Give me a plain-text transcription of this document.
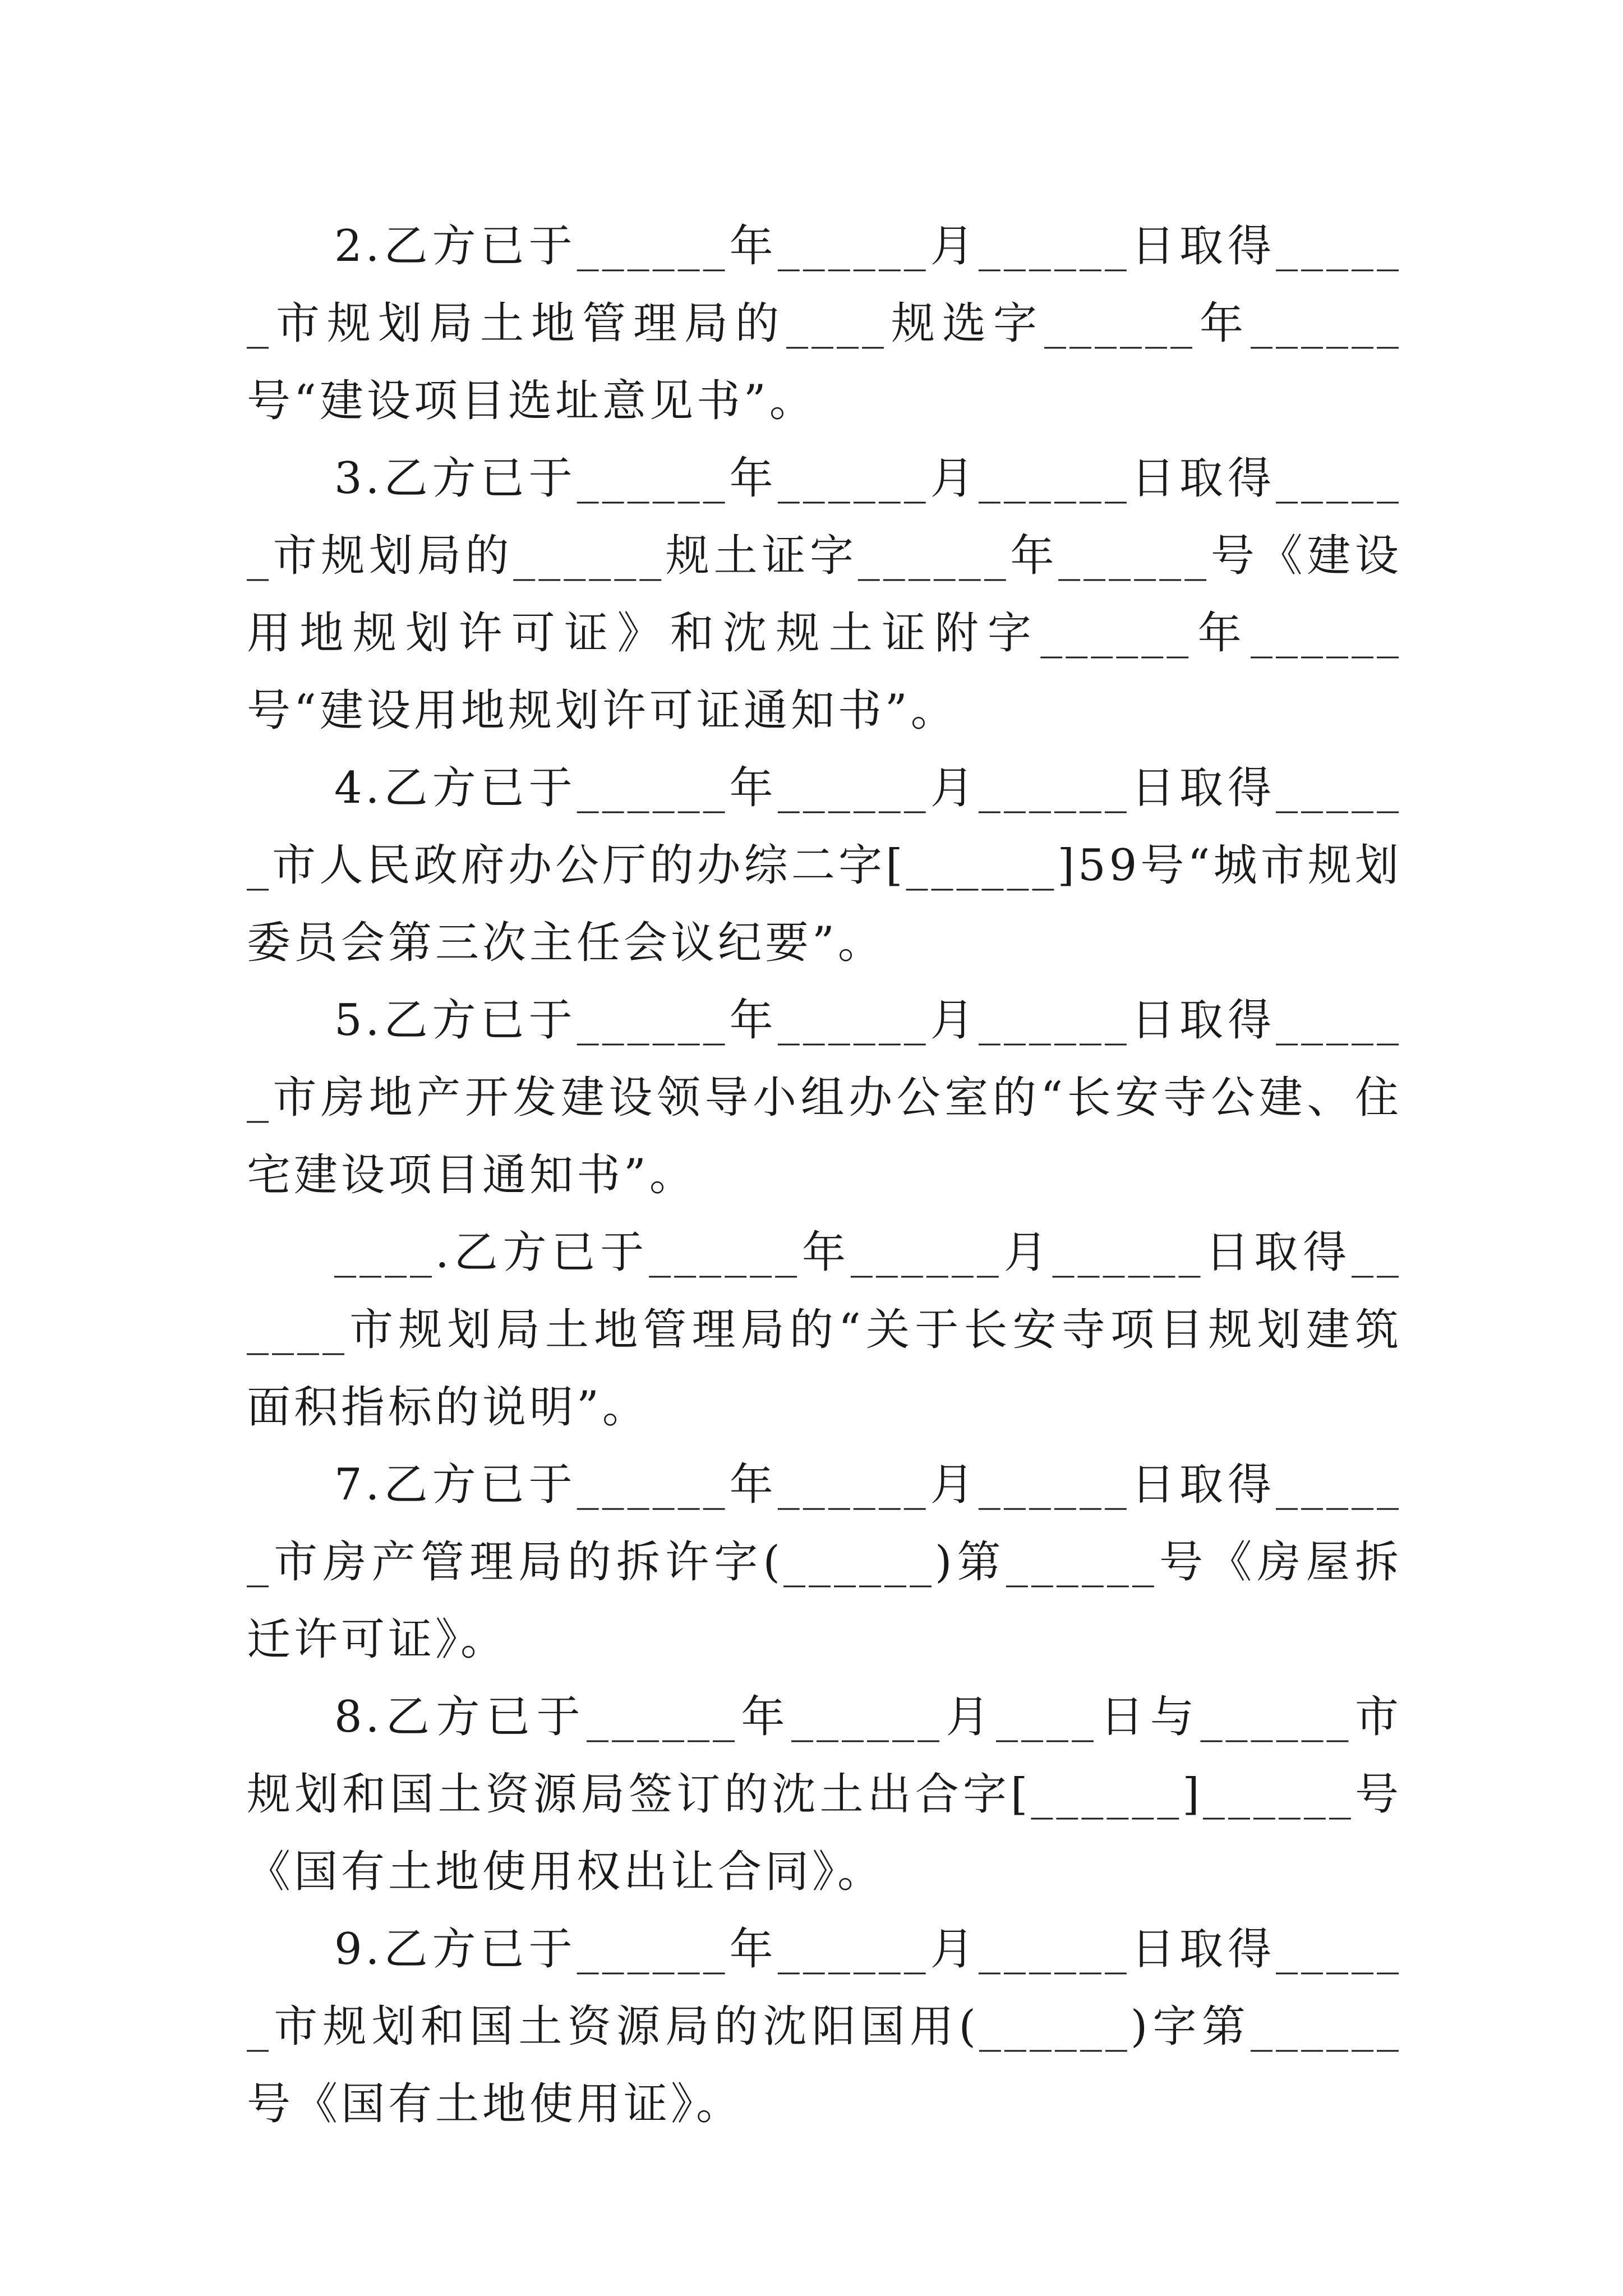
2.乙方已于______年______月______日取得______市规划局土地管理局的____规选字______年______号“建设项目选址意见书”。

3.乙方已于______年______月______日取得______市规划局的______规土证字______年______号《建设用地规划许可证》和沈规土证附字______年______号“建设用地规划许可证通知书”。

4.乙方已于______年______月______日取得______市人民政府办公厅的办综二字[______]59号“城市规划委员会第三次主任会议纪要”。

5.乙方已于______年______月______日取得______市房地产开发建设领导小组办公室的“长安寺公建、住宅建设项目通知书”。

____.乙方已于______年______月______日取得______市规划局土地管理局的“关于长安寺项目规划建筑面积指标的说明”。

7.乙方已于______年______月______日取得______市房产管理局的拆许字(______)第______号《房屋拆迁许可证》。

8.乙方已于______年______月____日与______市规划和国土资源局签订的沈土出合字[______]______号《国有土地使用权出让合同》。

9.乙方已于______年______月______日取得______市规划和国土资源局的沈阳国用(______)字第______号《国有土地使用证》。
